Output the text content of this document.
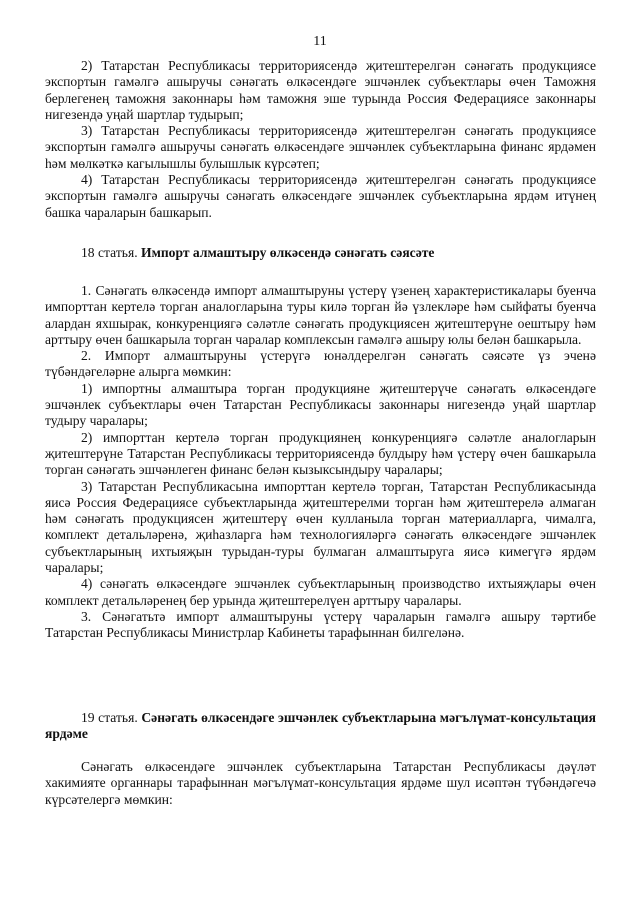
11

2) Татарстан Республикасы территориясендә җитештерелгән сәнәгать продукциясе экспортын гамәлгә ашыручы сәнәгать өлкәсендәге эшчәнлек субъектлары өчен Таможня берлегенең таможня законнары һәм таможня эше турында Россия Федерациясе законнары нигезендә уңай шартлар тудырып;

3) Татарстан Республикасы территориясендә җитештерелгән сәнәгать продукциясе экспортын гамәлгә ашыручы сәнәгать өлкәсендәге эшчәнлек субъектларына финанс ярдәмен һәм мөлкәткә кагылышлы булышлык күрсәтеп;

4) Татарстан Республикасы территориясендә җитештерелгән сәнәгать продукциясе экспортын гамәлгә ашыручы сәнәгать өлкәсендәге эшчәнлек субъектларына ярдәм итүнең башка чараларын башкарып.

18 статья. Импорт алмаштыру өлкәсендә сәнәгать сәясәте

1. Сәнәгать өлкәсендә импорт алмаштыруны үстерү үзенең характеристикалары буенча импорттан кертелә торган аналогларына туры килә торган йә үзлекләре һәм сыйфаты буенча алардан яхшырак, конкуренциягә сәләтле сәнәгать продукциясен җитештерүне оештыру һәм арттыру өчен башкарыла торган чаралар комплексын гамәлгә ашыру юлы белән башкарыла.

2. Импорт алмаштыруны үстерүгә юнәлдерелгән сәнәгать сәясәте үз эченә түбәндәгеләрне алырга мөмкин:

1) импортны алмаштыра торган продукцияне җитештерүче сәнәгать өлкәсендәге эшчәнлек субъектлары өчен Татарстан Республикасы законнары нигезендә уңай шартлар тудыру чаралары;

2) импорттан кертелә торган продукциянең конкуренциягә сәләтле аналогларын җитештерүне Татарстан Республикасы территориясендә булдыру һәм үстерү өчен башкарыла торган сәнәгать эшчәнлеген финанс белән кызыксындыру чаралары;

3) Татарстан Республикасына импорттан кертелә торган, Татарстан Республикасында яисә Россия Федерациясе субъектларында җитештерелми торган һәм җитештерелә алмаган һәм сәнәгать продукциясен җитештерү өчен кулланыла торган материалларга, чималга, комплект детальләренә, җиһазларга һәм технологияләргә сәнәгать өлкәсендәге эшчәнлек субъектларының ихтыяҗын турыдан-туры булмаган алмаштыруга яисә кимегүгә ярдәм чаралары;

4) сәнәгать өлкәсендәге эшчәнлек субъектларының производство ихтыяҗлары өчен комплект детальләренең бер урында җитештерелүен арттыру чаралары.

3. Сәнәгатьтә импорт алмаштыруны үстерү чараларын гамәлгә ашыру тәртибе Татарстан Республикасы Министрлар Кабинеты тарафыннан билгеләнә.

19 статья. Сәнәгать өлкәсендәге эшчәнлек субъектларына мәгълүмат-консультация ярдәме

Сәнәгать өлкәсендәге эшчәнлек субъектларына Татарстан Республикасы дәүләт хакимияте органнары тарафыннан мәгълүмат-консультация ярдәме шул исәптән түбәндәгечә күрсәтелергә мөмкин:
